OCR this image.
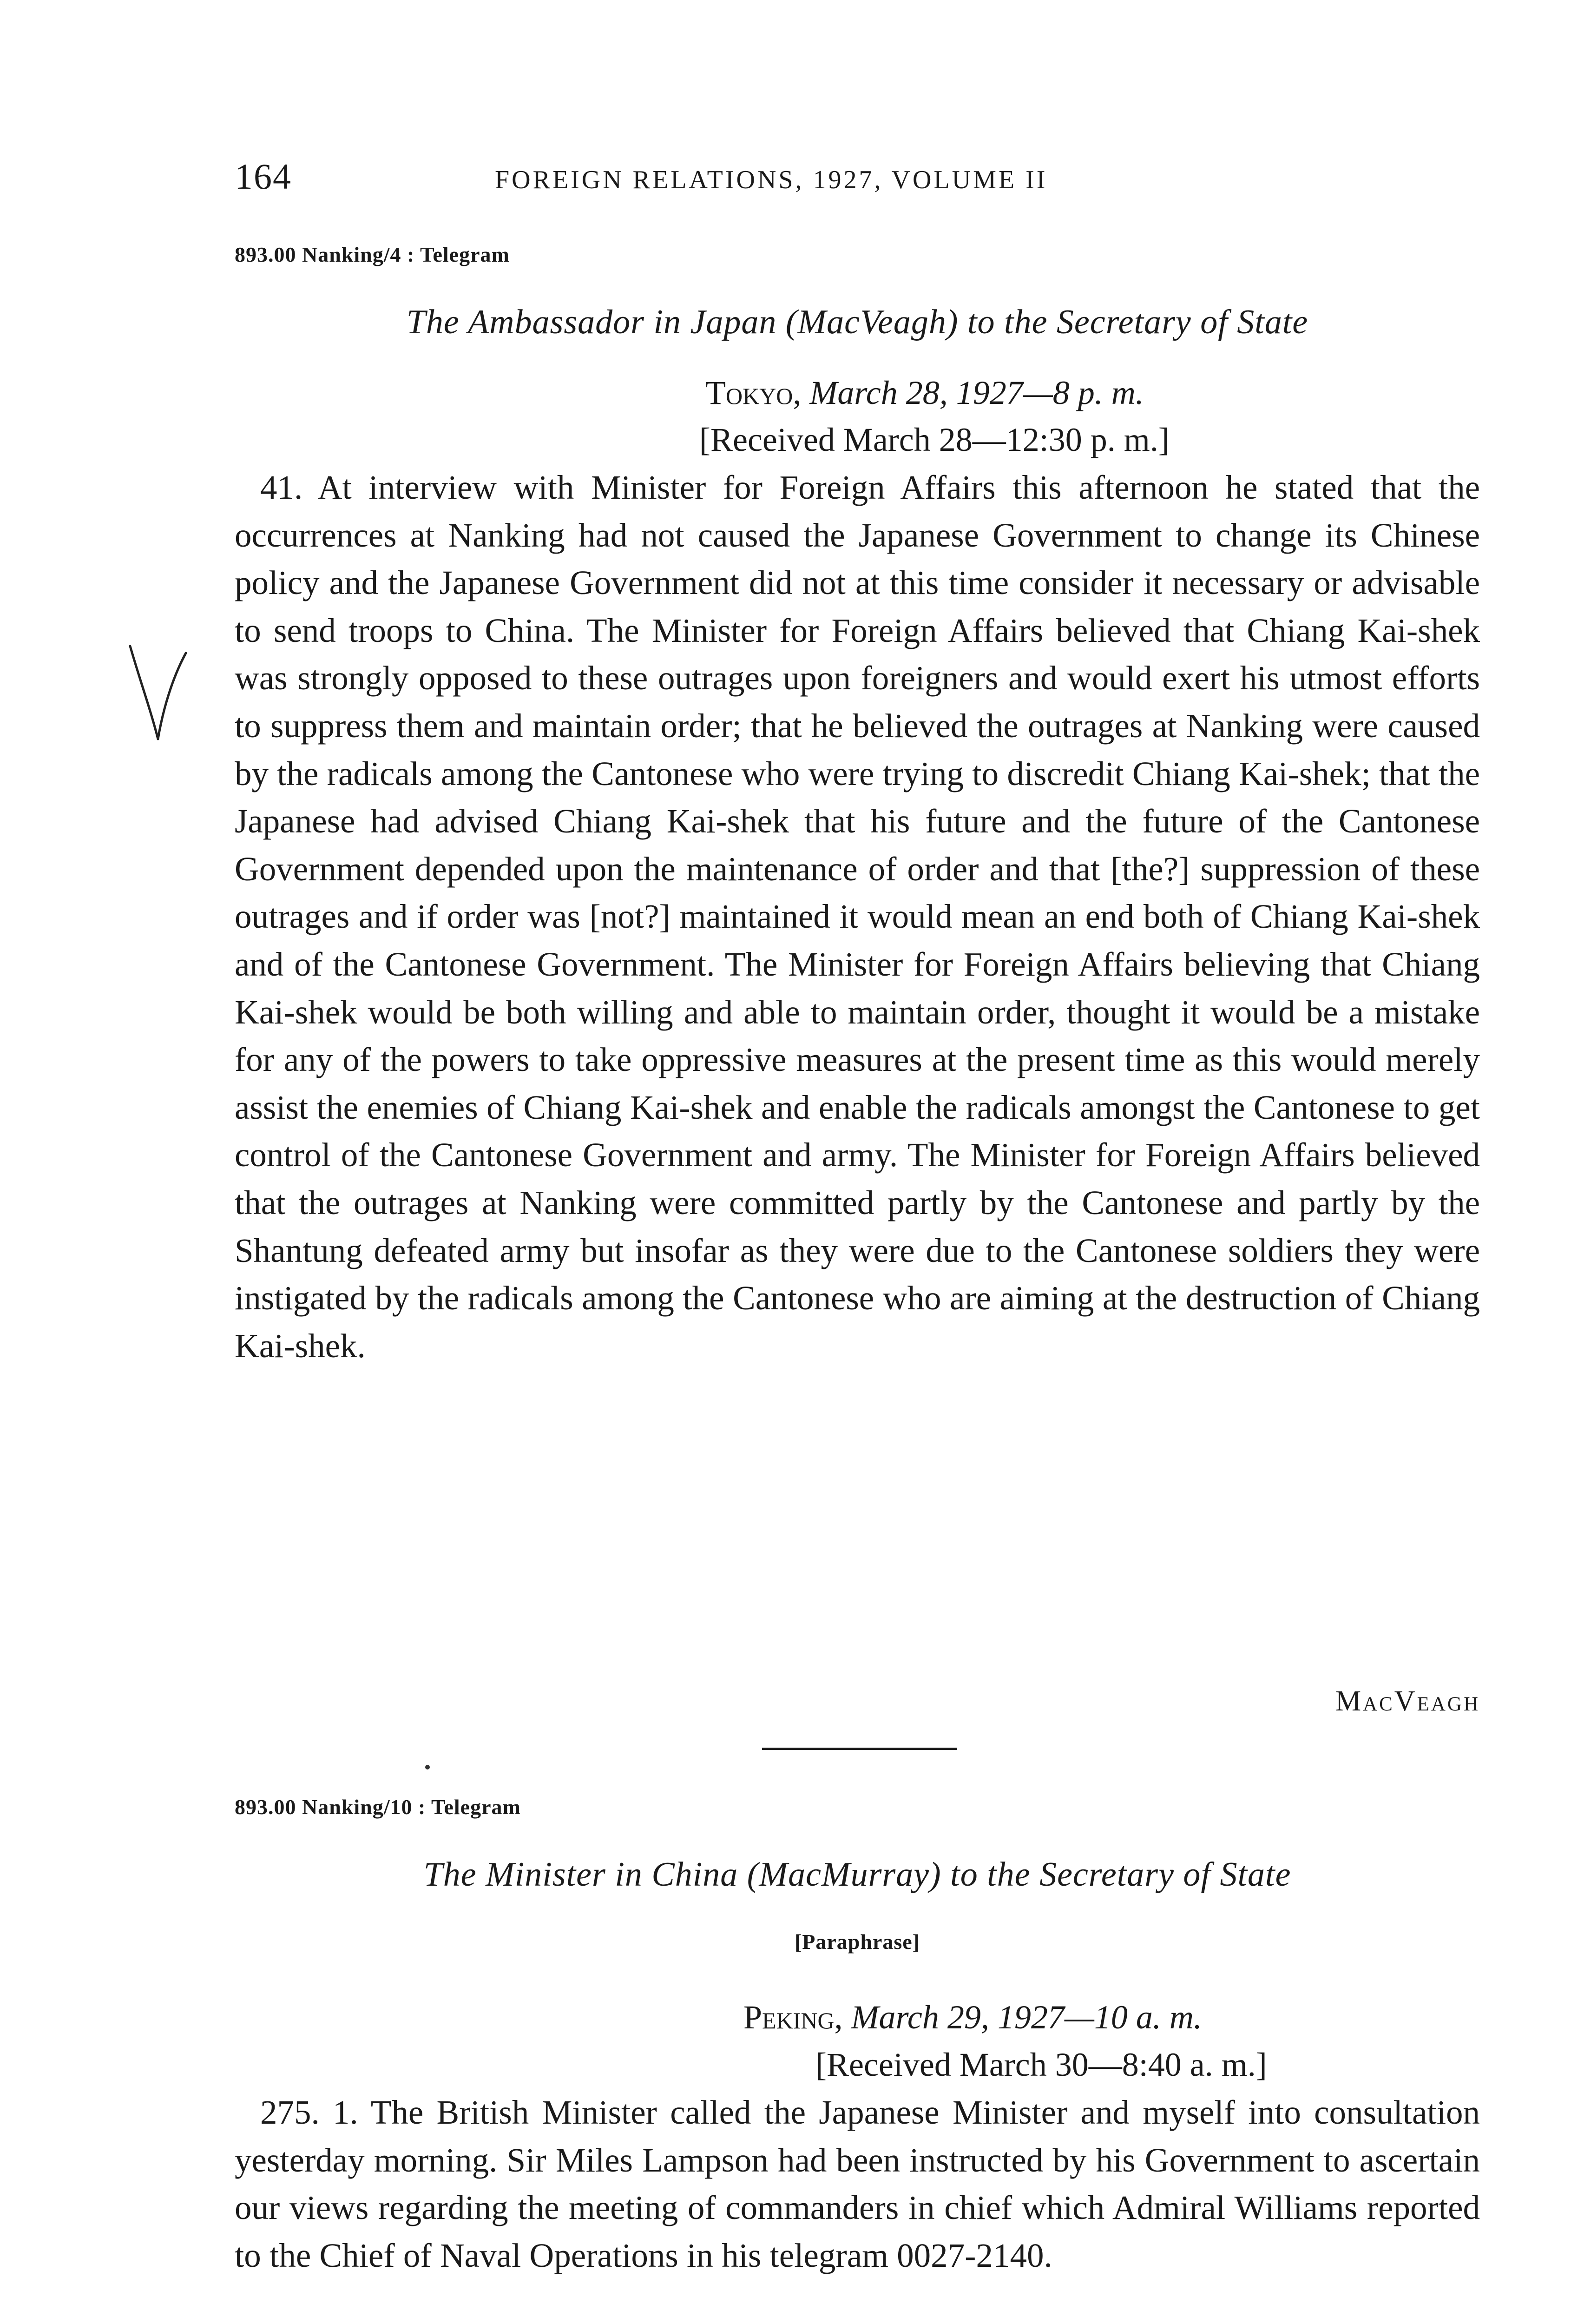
164	FOREIGN RELATIONS, 1927, VOLUME II
893.00 Nanking/4 : Telegram
The Ambassador in Japan (MacVeagh) to the Secretary of State
Tokyo, March 28, 1927—8 p. m.
[Received March 28—12:30 p. m.]

41. At interview with Minister for Foreign Affairs this afternoon he stated that the occurrences at Nanking had not caused the Japanese Government to change its Chinese policy and the Japanese Government did not at this time consider it necessary or advisable to send troops to China. The Minister for Foreign Affairs believed that Chiang Kai-shek was strongly opposed to these outrages upon foreigners and would exert his utmost efforts to suppress them and maintain order; that he believed the outrages at Nanking were caused by the radicals among the Cantonese who were trying to discredit Chiang Kai-shek; that the Japanese had advised Chiang Kai-shek that his future and the future of the Cantonese Government depended upon the maintenance of order and that [the?] suppression of these outrages and if order was [not?] maintained it would mean an end both of Chiang Kai-shek and of the Cantonese Government. The Minister for Foreign Affairs believing that Chiang Kai-shek would be both willing and able to maintain order, thought it would be a mistake for any of the powers to take oppressive measures at the present time as this would merely assist the enemies of Chiang Kai-shek and enable the radicals amongst the Cantonese to get control of the Cantonese Government and army. The Minister for Foreign Affairs believed that the outrages at Nanking were committed partly by the Cantonese and partly by the Shantung defeated army but insofar as they were due to the Cantonese soldiers they were instigated by the radicals among the Cantonese who are aiming at the destruction of Chiang Kai-shek.

MacVeagh
893.00 Nanking/10 : Telegram
The Minister in China (MacMurray) to the Secretary of State
[Paraphrase]
Peking, March 29, 1927—10 a. m.
[Received March 30—8:40 a. m.]

275. 1. The British Minister called the Japanese Minister and myself into consultation yesterday morning. Sir Miles Lampson had been instructed by his Government to ascertain our views regarding the meeting of commanders in chief which Admiral Williams reported to the Chief of Naval Operations in his telegram 0027-2140.
